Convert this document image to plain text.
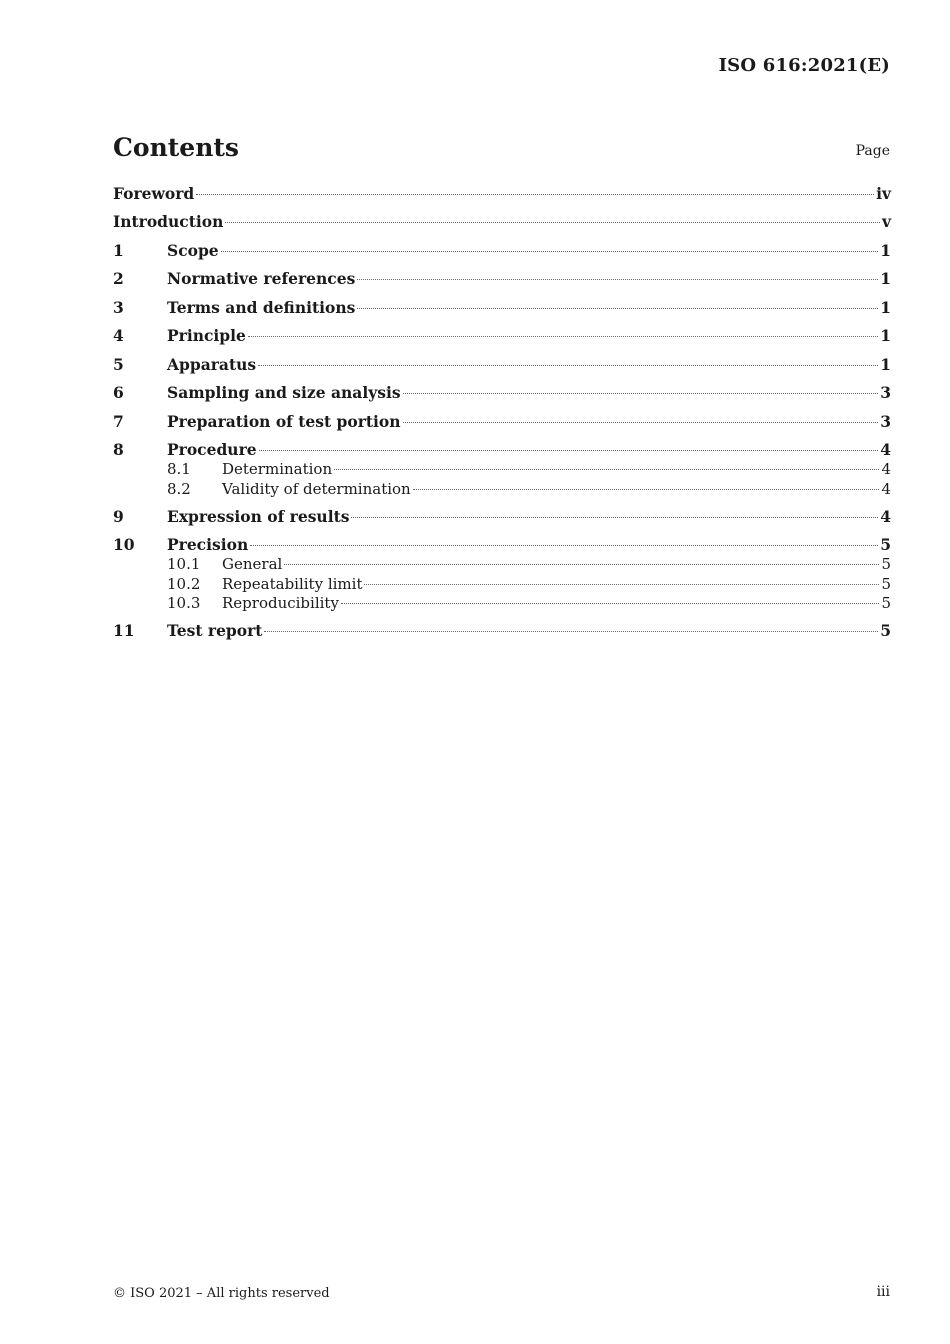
ISO 616:2021(E)
Contents	Page
Foreword	iv
Introduction	v
1	Scope	1
2	Normative references	1
3	Terms and definitions	1
4	Principle	1
5	Apparatus	1
6	Sampling and size analysis	3
7	Preparation of test portion	3
8	Procedure	4
8.1	Determination	4
8.2	Validity of determination	4
9	Expression of results	4
10	Precision	5
10.1	General	5
10.2	Repeatability limit	5
10.3	Reproducibility	5
11	Test report	5
© ISO 2021 – All rights reserved	iii
